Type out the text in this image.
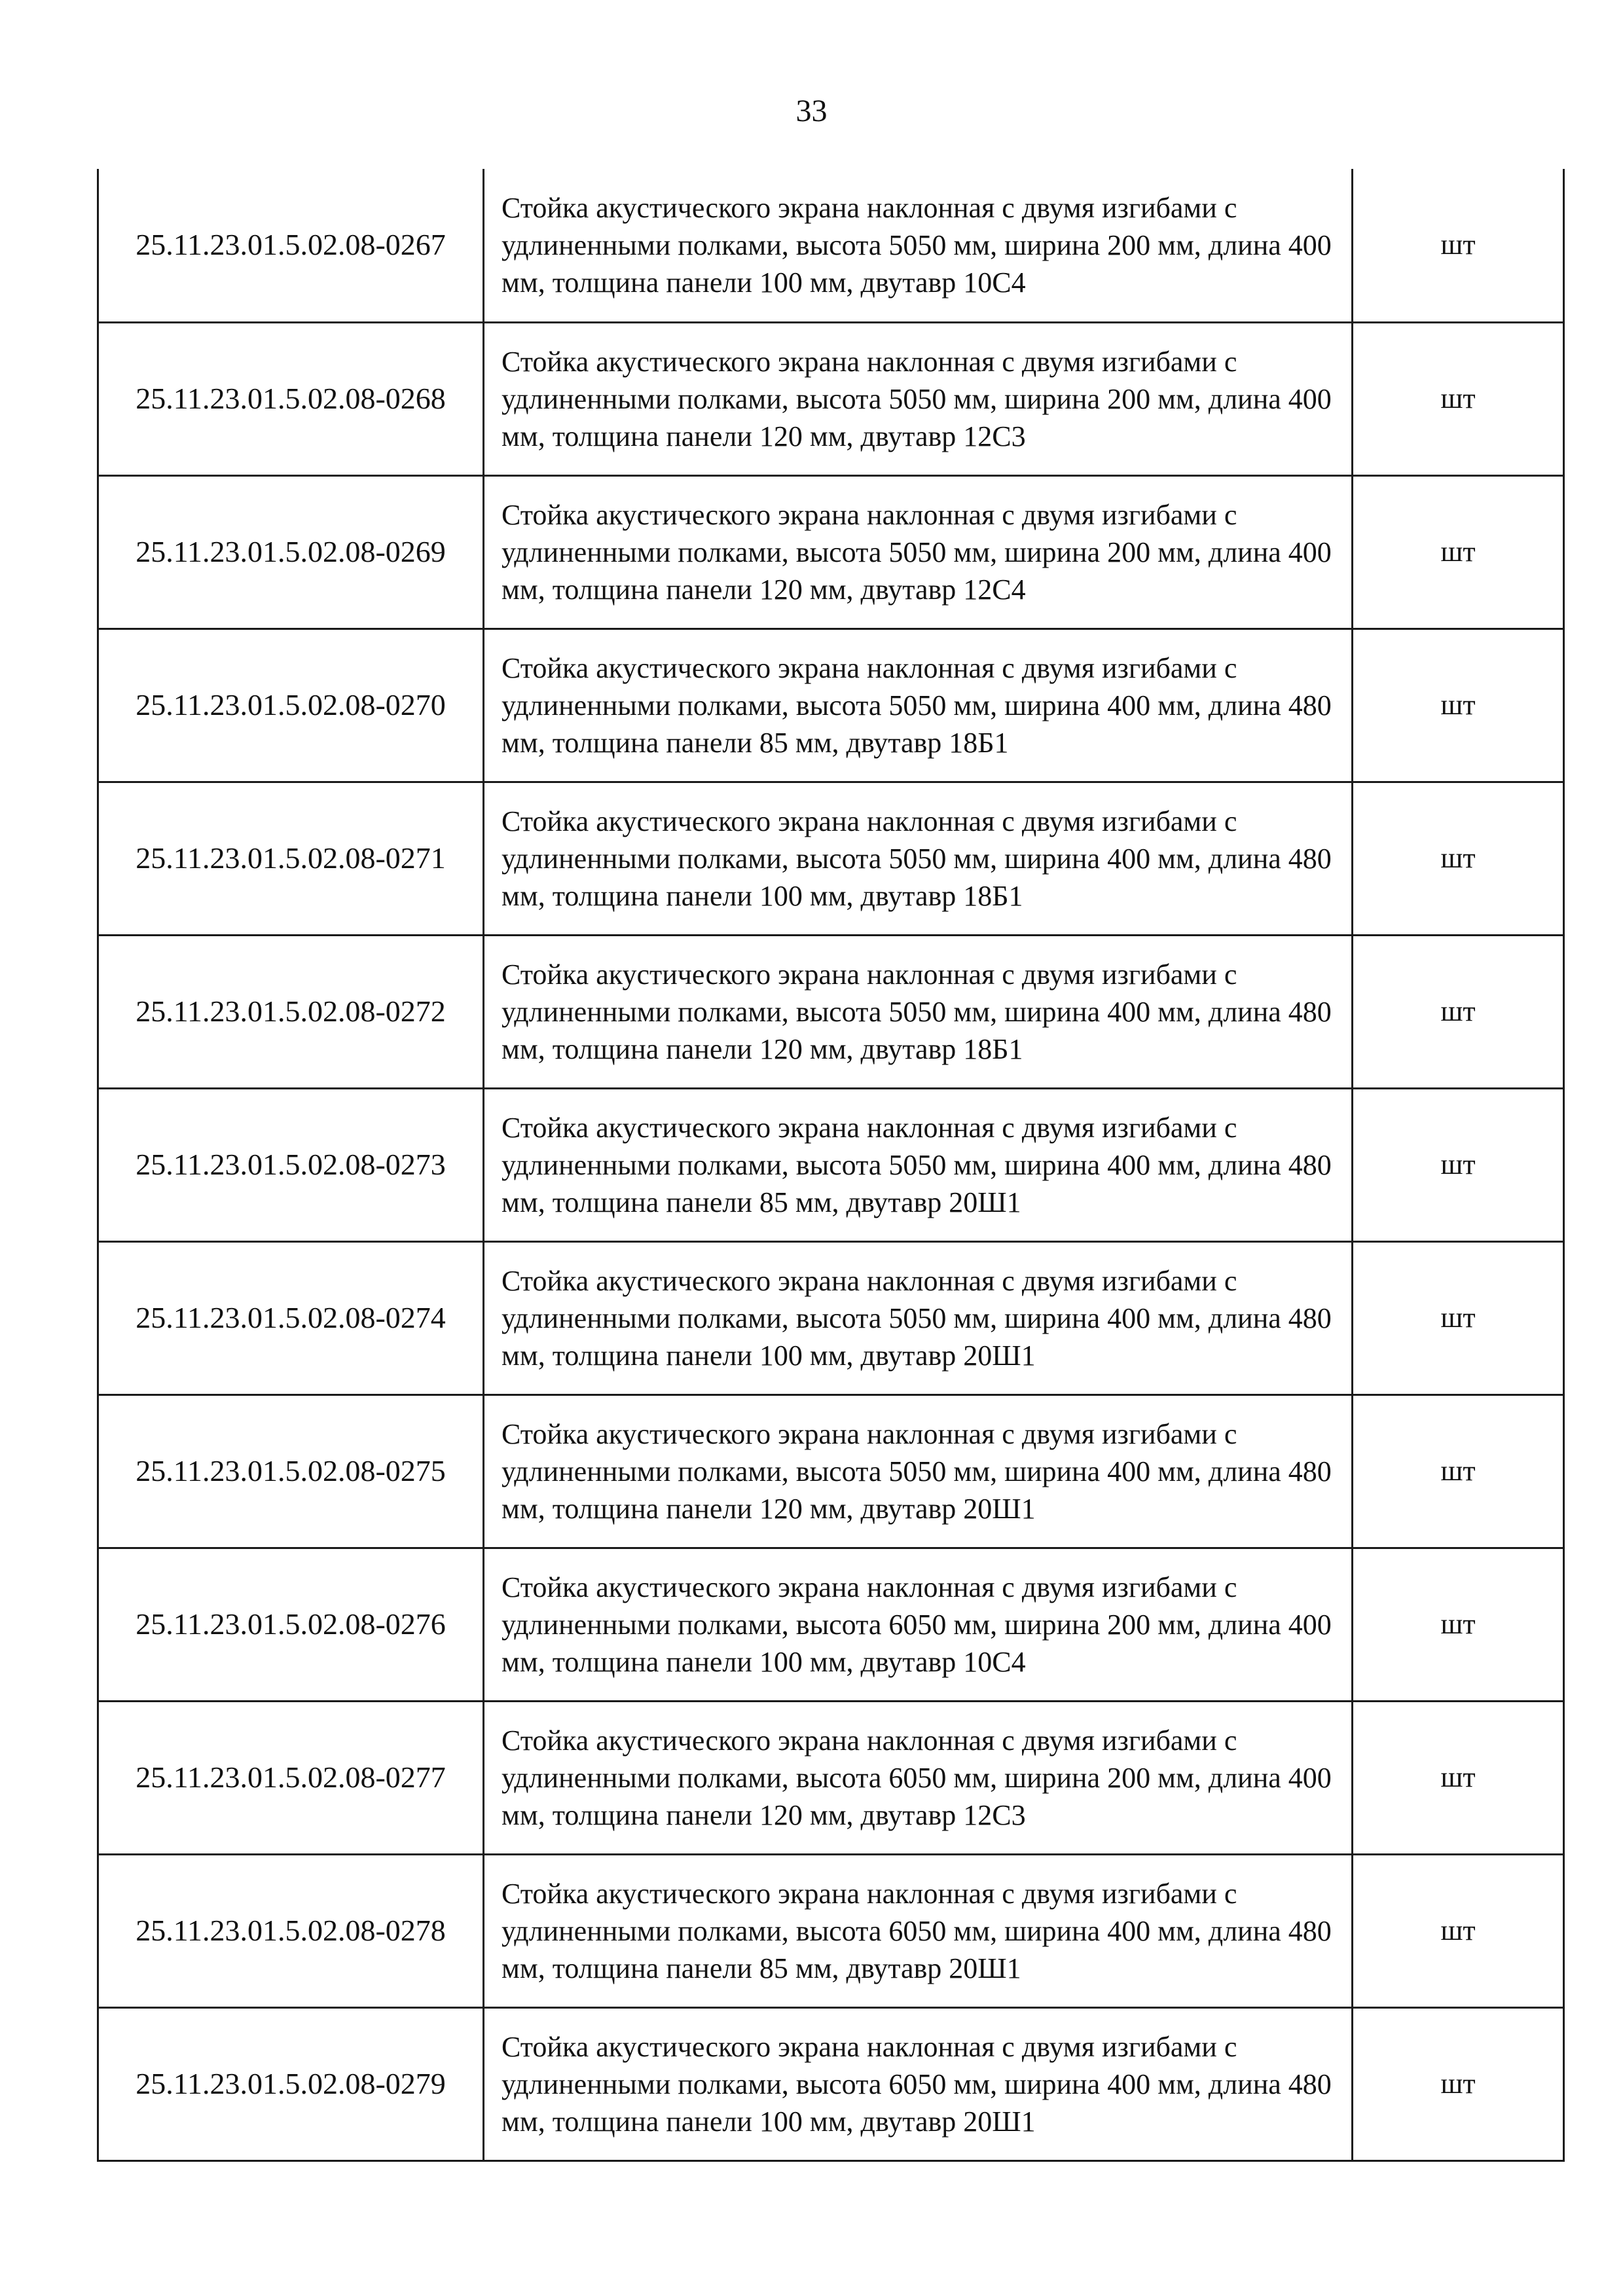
33
25.11.23.01.5.02.08-0267	Стойка акустического экрана наклонная с двумя изгибами с удлиненными полками, высота 5050 мм, ширина 200 мм, длина 400 мм, толщина панели 100 мм, двутавр 10С4	шт
25.11.23.01.5.02.08-0268	Стойка акустического экрана наклонная с двумя изгибами с удлиненными полками, высота 5050 мм, ширина 200 мм, длина 400 мм, толщина панели 120 мм, двутавр 12С3	шт
25.11.23.01.5.02.08-0269	Стойка акустического экрана наклонная с двумя изгибами с удлиненными полками, высота 5050 мм, ширина 200 мм, длина 400 мм, толщина панели 120 мм, двутавр 12С4	шт
25.11.23.01.5.02.08-0270	Стойка акустического экрана наклонная с двумя изгибами с удлиненными полками, высота 5050 мм, ширина 400 мм, длина 480 мм, толщина панели 85 мм, двутавр 18Б1	шт
25.11.23.01.5.02.08-0271	Стойка акустического экрана наклонная с двумя изгибами с удлиненными полками, высота 5050 мм, ширина 400 мм, длина 480 мм, толщина панели 100 мм, двутавр 18Б1	шт
25.11.23.01.5.02.08-0272	Стойка акустического экрана наклонная с двумя изгибами с удлиненными полками, высота 5050 мм, ширина 400 мм, длина 480 мм, толщина панели 120 мм, двутавр 18Б1	шт
25.11.23.01.5.02.08-0273	Стойка акустического экрана наклонная с двумя изгибами с удлиненными полками, высота 5050 мм, ширина 400 мм, длина 480 мм, толщина панели 85 мм, двутавр 20Ш1	шт
25.11.23.01.5.02.08-0274	Стойка акустического экрана наклонная с двумя изгибами с удлиненными полками, высота 5050 мм, ширина 400 мм, длина 480 мм, толщина панели 100 мм, двутавр 20Ш1	шт
25.11.23.01.5.02.08-0275	Стойка акустического экрана наклонная с двумя изгибами с удлиненными полками, высота 5050 мм, ширина 400 мм, длина 480 мм, толщина панели 120 мм, двутавр 20Ш1	шт
25.11.23.01.5.02.08-0276	Стойка акустического экрана наклонная с двумя изгибами с удлиненными полками, высота 6050 мм, ширина 200 мм, длина 400 мм, толщина панели 100 мм, двутавр 10С4	шт
25.11.23.01.5.02.08-0277	Стойка акустического экрана наклонная с двумя изгибами с удлиненными полками, высота 6050 мм, ширина 200 мм, длина 400 мм, толщина панели 120 мм, двутавр 12С3	шт
25.11.23.01.5.02.08-0278	Стойка акустического экрана наклонная с двумя изгибами с удлиненными полками, высота 6050 мм, ширина 400 мм, длина 480 мм, толщина панели 85 мм, двутавр 20Ш1	шт
25.11.23.01.5.02.08-0279	Стойка акустического экрана наклонная с двумя изгибами с удлиненными полками, высота 6050 мм, ширина 400 мм, длина 480 мм, толщина панели 100 мм, двутавр 20Ш1	шт
